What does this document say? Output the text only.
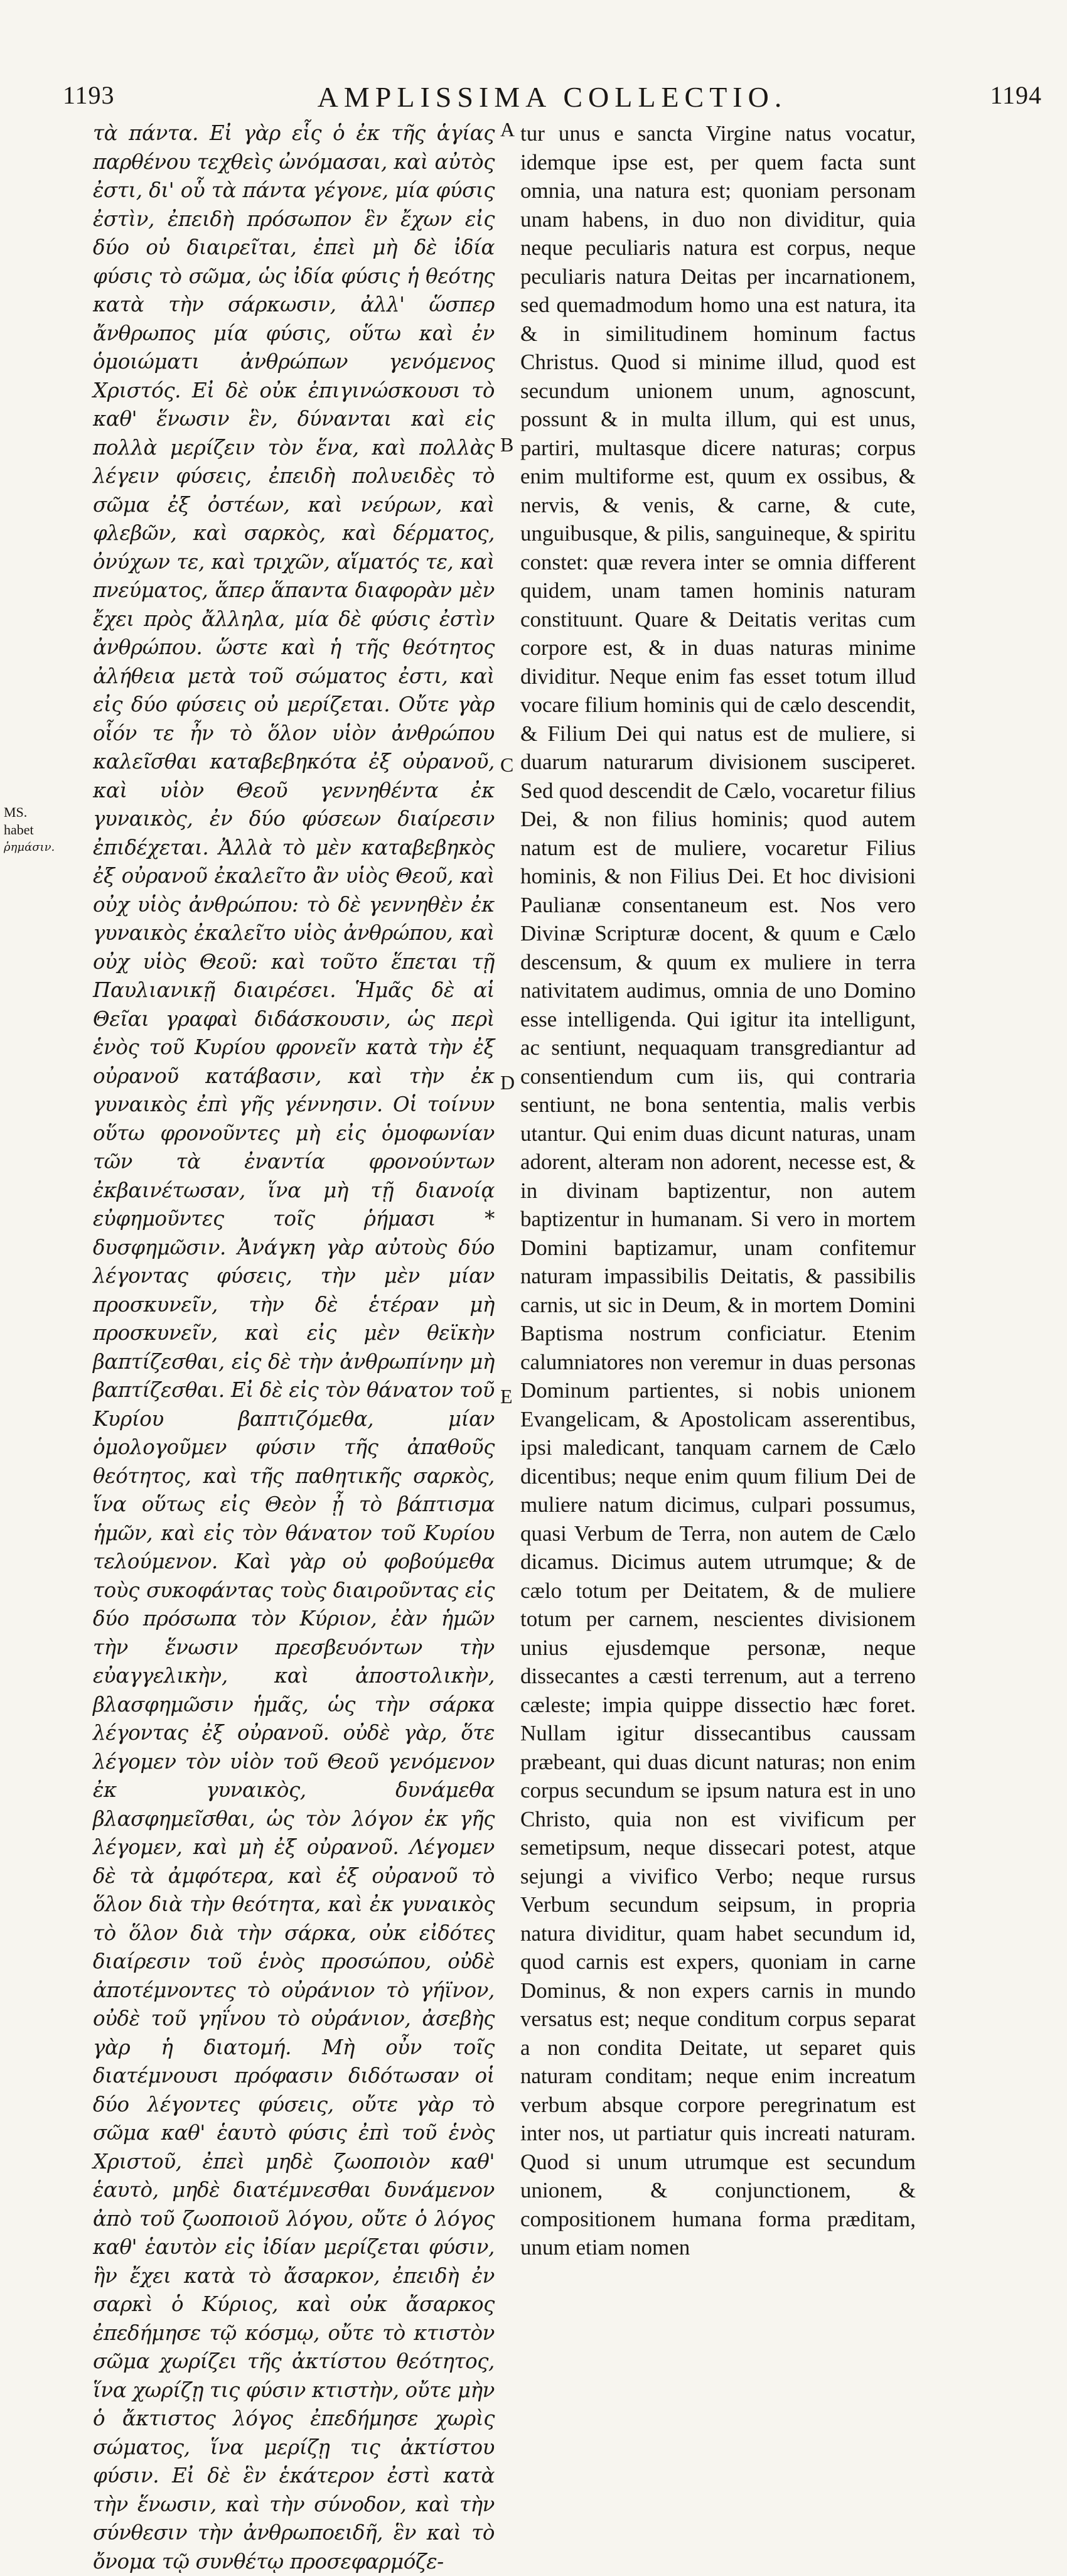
1193	AMPLISSIMA COLLECTIO.	1194

τὰ πάντα. Εἰ γὰρ εἷς ὁ ἐκ τῆς ἁγίας παρθένου τεχθεὶς ὠνόμασαι, καὶ αὐτὸς ἐστι, δι' οὗ τὰ πάντα γέγονε, μία φύσις ἐστὶν, ἐπειδὴ πρόσωπον ἓν ἔχων εἰς δύο οὐ διαιρεῖται, ἐπεὶ μὴ δὲ ἰδία φύσις τὸ σῶμα, ὡς ἰδία φύσις ἡ θεότης κατὰ τὴν σάρκωσιν, ἀλλ' ὥσπερ ἄνθρωπος μία φύσις, οὕτω καὶ ἐν ὁμοιώματι ἀνθρώπων γενόμενος Χριστός. Εἰ δὲ οὐκ ἐπιγινώσκουσι τὸ καθ' ἕνωσιν ἓν, δύνανται καὶ εἰς πολλὰ μερίζειν τὸν ἕνα, καὶ πολλὰς λέγειν φύσεις, ἐπειδὴ πολυειδὲς τὸ σῶμα ἐξ ὀστέων, καὶ νεύρων, καὶ φλεβῶν, καὶ σαρκὸς, καὶ δέρματος, ὀνύχων τε, καὶ τριχῶν, αἵματός τε, καὶ πνεύματος, ἅπερ ἅπαντα διαφορὰν μὲν ἔχει πρὸς ἄλληλα, μία δὲ φύσις ἐστὶν ἀνθρώπου. ὥστε καὶ ἡ τῆς θεότητος ἀλήθεια μετὰ τοῦ σώματος ἐστι, καὶ εἰς δύο φύσεις οὐ μερίζεται. Οὔτε γὰρ οἷόν τε ἦν τὸ ὅλον υἱὸν ἀνθρώπου καλεῖσθαι καταβεβηκότα ἐξ οὐρανοῦ, καὶ υἱὸν Θεοῦ γεννηθέντα ἐκ γυναικὸς, ἐν δύο φύσεων διαίρεσιν ἐπιδέχεται. Ἀλλὰ τὸ μὲν καταβεβηκὸς ἐξ οὐρανοῦ ἐκαλεῖτο ἂν υἱὸς Θεοῦ, καὶ οὐχ υἱὸς ἀνθρώπου: τὸ δὲ γεννηθὲν ἐκ γυναικὸς ἐκαλεῖτο υἱὸς ἀνθρώπου, καὶ οὐχ υἱὸς Θεοῦ: καὶ τοῦτο ἕπεται τῇ Παυλιανικῇ διαιρέσει. Ἡμᾶς δὲ αἱ Θεῖαι γραφαὶ διδάσκουσιν, ὡς περὶ ἑνὸς τοῦ Κυρίου φρονεῖν κατὰ τὴν ἐξ οὐρανοῦ κατάβασιν, καὶ τὴν ἐκ γυναικὸς ἐπὶ γῆς γέννησιν. Οἱ τοίνυν οὕτω φρονοῦντες μὴ εἰς ὁμοφωνίαν τῶν τὰ ἐναντία φρονούντων ἐκβαινέτωσαν, ἵνα μὴ τῇ διανοίᾳ εὐφημοῦντες τοῖς ῥήμασι * δυσφημῶσιν. Ἀνάγκη γὰρ αὐτοὺς δύο λέγοντας φύσεις, τὴν μὲν μίαν προσκυνεῖν, τὴν δὲ ἑτέραν μὴ προσκυνεῖν, καὶ εἰς μὲν θεϊκὴν βαπτίζεσθαι, εἰς δὲ τὴν ἀνθρωπίνην μὴ βαπτίζεσθαι. Εἰ δὲ εἰς τὸν θάνατον τοῦ Κυρίου βαπτιζόμεθα, μίαν ὁμολογοῦμεν φύσιν τῆς ἀπαθοῦς θεότητος, καὶ τῆς παθητικῆς σαρκὸς, ἵνα οὕτως εἰς Θεὸν ᾖ τὸ βάπτισμα ἡμῶν, καὶ εἰς τὸν θάνατον τοῦ Κυρίου τελούμενον. Καὶ γὰρ οὐ φοβούμεθα τοὺς συκοφάντας τοὺς διαιροῦντας εἰς δύο πρόσωπα τὸν Κύριον, ἐὰν ἡμῶν τὴν ἕνωσιν πρεσβευόντων τὴν εὐαγγελικὴν, καὶ ἀποστολικὴν, βλασφημῶσιν ἡμᾶς, ὡς τὴν σάρκα λέγοντας ἐξ οὐρανοῦ. οὐδὲ γὰρ, ὅτε λέγομεν τὸν υἱὸν τοῦ Θεοῦ γενόμενον ἐκ γυναικὸς, δυνάμεθα βλασφημεῖσθαι, ὡς τὸν λόγον ἐκ γῆς λέγομεν, καὶ μὴ ἐξ οὐρανοῦ. Λέγομεν δὲ τὰ ἀμφότερα, καὶ ἐξ οὐρανοῦ τὸ ὅλον διὰ τὴν θεότητα, καὶ ἐκ γυναικὸς τὸ ὅλον διὰ τὴν σάρκα, οὐκ εἰδότες διαίρεσιν τοῦ ἑνὸς προσώπου, οὐδὲ ἀποτέμνοντες τὸ οὐράνιον τὸ γήϊνον, οὐδὲ τοῦ γηΐνου τὸ οὐράνιον, ἀσεβὴς γὰρ ἡ διατομή. Μὴ οὖν τοῖς διατέμνουσι πρόφασιν διδότωσαν οἱ δύο λέγοντες φύσεις, οὔτε γὰρ τὸ σῶμα καθ' ἑαυτὸ φύσις ἐπὶ τοῦ ἑνὸς Χριστοῦ, ἐπεὶ μηδὲ ζωοποιὸν καθ' ἑαυτὸ, μηδὲ διατέμνεσθαι δυνάμενον ἀπὸ τοῦ ζωοποιοῦ λόγου, οὔτε ὁ λόγος καθ' ἑαυτὸν εἰς ἰδίαν μερίζεται φύσιν, ἣν ἔχει κατὰ τὸ ἄσαρκον, ἐπειδὴ ἐν σαρκὶ ὁ Κύριος, καὶ οὐκ ἄσαρκος ἐπεδήμησε τῷ κόσμῳ, οὔτε τὸ κτιστὸν σῶμα χωρίζει τῆς ἀκτίστου θεότητος, ἵνα χωρίζῃ τις φύσιν κτιστὴν, οὔτε μὴν ὁ ἄκτιστος λόγος ἐπεδήμησε χωρὶς σώματος, ἵνα μερίζῃ τις ἀκτίστου φύσιν. Εἰ δὲ ἓν ἑκάτερον ἐστὶ κατὰ τὴν ἕνωσιν, καὶ τὴν σύνοδον, καὶ τὴν σύνθεσιν τὴν ἀνθρωποειδῆ, ἓν καὶ τὸ ὄνομα τῷ συνθέτῳ προσεφαρμόζε-

tur unus e sancta Virgine natus vocatur, idemque ipse est, per quem facta sunt omnia, una natura est; quoniam personam unam habens, in duo non dividitur, quia neque peculiaris natura est corpus, neque peculiaris natura Deitas per incarnationem, sed quemadmodum homo una est natura, ita & in similitudinem hominum factus Christus. Quod si minime illud, quod est secundum unionem unum, agnoscunt, possunt & in multa illum, qui est unus, partiri, multasque dicere naturas; corpus enim multiforme est, quum ex ossibus, & nervis, & venis, & carne, & cute, unguibusque, & pilis, sanguineque, & spiritu constet: quæ revera inter se omnia different quidem, unam tamen hominis naturam constituunt. Quare & Deitatis veritas cum corpore est, & in duas naturas minime dividitur. Neque enim fas esset totum illud vocare filium hominis qui de cælo descendit, & Filium Dei qui natus est de muliere, si duarum naturarum divisionem susciperet. Sed quod descendit de Cælo, vocaretur filius Dei, & non filius hominis; quod autem natum est de muliere, vocaretur Filius hominis, & non Filius Dei. Et hoc divisioni Paulianæ consentaneum est. Nos vero Divinæ Scripturæ docent, & quum e Cælo descensum, & quum ex muliere in terra nativitatem audimus, omnia de uno Domino esse intelligenda. Qui igitur ita intelligunt, ac sentiunt, nequaquam transgrediantur ad consentiendum cum iis, qui contraria sentiunt, ne bona sententia, malis verbis utantur. Qui enim duas dicunt naturas, unam adorent, alteram non adorent, necesse est, & in divinam baptizentur, non autem baptizentur in humanam. Si vero in mortem Domini baptizamur, unam confitemur naturam impassibilis Deitatis, & passibilis carnis, ut sic in Deum, & in mortem Domini Baptisma nostrum conficiatur. Etenim calumniatores non veremur in duas personas Dominum partientes, si nobis unionem Evangelicam, & Apostolicam asserentibus, ipsi maledicant, tanquam carnem de Cælo dicentibus; neque enim quum filium Dei de muliere natum dicimus, culpari possumus, quasi Verbum de Terra, non autem de Cælo dicamus. Dicimus autem utrumque; & de cælo totum per Deitatem, & de muliere totum per carnem, nescientes divisionem unius ejusdemque personæ, neque dissecantes a cæsti terrenum, aut a terreno cæleste; impia quippe dissectio hæc foret. Nullam igitur dissecantibus caussam præbeant, qui duas dicunt naturas; non enim corpus secundum se ipsum natura est in uno Christo, quia non est vivificum per semetipsum, neque dissecari potest, atque sejungi a vivifico Verbo; neque rursus Verbum secundum seipsum, in propria natura dividitur, quam habet secundum id, quod carnis est expers, quoniam in carne Dominus, & non expers carnis in mundo versatus est; neque conditum corpus separat a non condita Deitate, ut separet quis naturam conditam; neque enim increatum verbum absque corpore peregrinatum est inter nos, ut partiatur quis increati naturam. Quod si unum utrumque est secundum unionem, & conjunctionem, & compositionem humana forma præditam, unum etiam nomen

A
B
C
D
E
MS. habet
ῥημάσιν.
